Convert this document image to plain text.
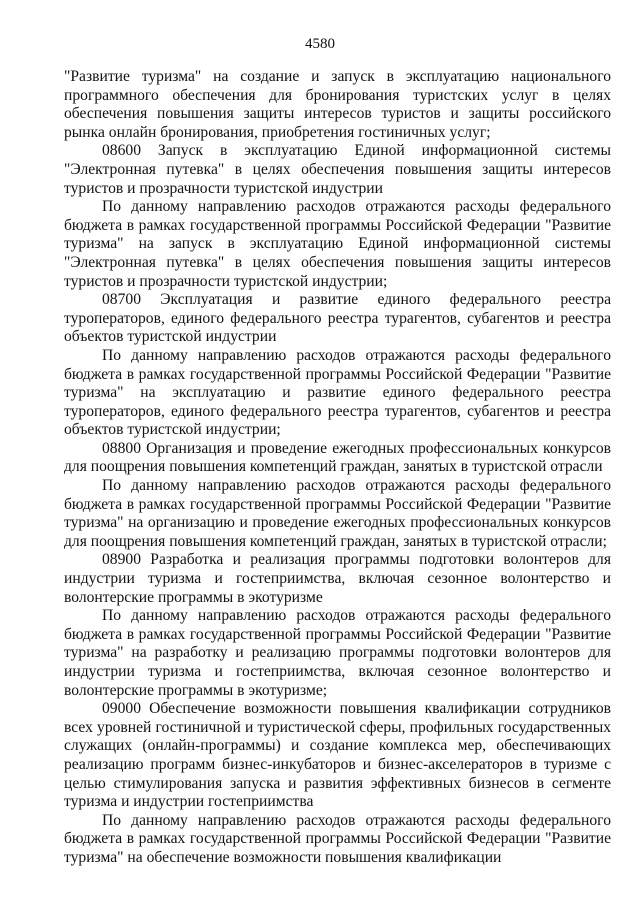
4580

"Развитие туризма" на создание и запуск в эксплуатацию национального программного обеспечения для бронирования туристских услуг в целях обеспечения повышения защиты интересов туристов и защиты российского рынка онлайн бронирования, приобретения гостиничных услуг;

08600 Запуск в эксплуатацию Единой информационной системы "Электронная путевка" в целях обеспечения повышения защиты интересов туристов и прозрачности туристской индустрии

По данному направлению расходов отражаются расходы федерального бюджета в рамках государственной программы Российской Федерации "Развитие туризма" на запуск в эксплуатацию Единой информационной системы "Электронная путевка" в целях обеспечения повышения защиты интересов туристов и прозрачности туристской индустрии;

08700 Эксплуатация и развитие единого федерального реестра туроператоров, единого федерального реестра турагентов, субагентов и реестра объектов туристской индустрии

По данному направлению расходов отражаются расходы федерального бюджета в рамках государственной программы Российской Федерации "Развитие туризма" на эксплуатацию и развитие единого федерального реестра туроператоров, единого федерального реестра турагентов, субагентов и реестра объектов туристской индустрии;

08800 Организация и проведение ежегодных профессиональных конкурсов для поощрения повышения компетенций граждан, занятых в туристской отрасли

По данному направлению расходов отражаются расходы федерального бюджета в рамках государственной программы Российской Федерации "Развитие туризма" на организацию и проведение ежегодных профессиональных конкурсов для поощрения повышения компетенций граждан, занятых в туристской отрасли;

08900 Разработка и реализация программы подготовки волонтеров для индустрии туризма и гостеприимства, включая сезонное волонтерство и волонтерские программы в экотуризме

По данному направлению расходов отражаются расходы федерального бюджета в рамках государственной программы Российской Федерации "Развитие туризма" на разработку и реализацию программы подготовки волонтеров для индустрии туризма и гостеприимства, включая сезонное волонтерство и волонтерские программы в экотуризме;

09000 Обеспечение возможности повышения квалификации сотрудников всех уровней гостиничной и туристической сферы, профильных государственных служащих (онлайн-программы) и создание комплекса мер, обеспечивающих реализацию программ бизнес-инкубаторов и бизнес-акселераторов в туризме с целью стимулирования запуска и развития эффективных бизнесов в сегменте туризма и индустрии гостеприимства

По данному направлению расходов отражаются расходы федерального бюджета в рамках государственной программы Российской Федерации "Развитие туризма" на обеспечение возможности повышения квалификации
